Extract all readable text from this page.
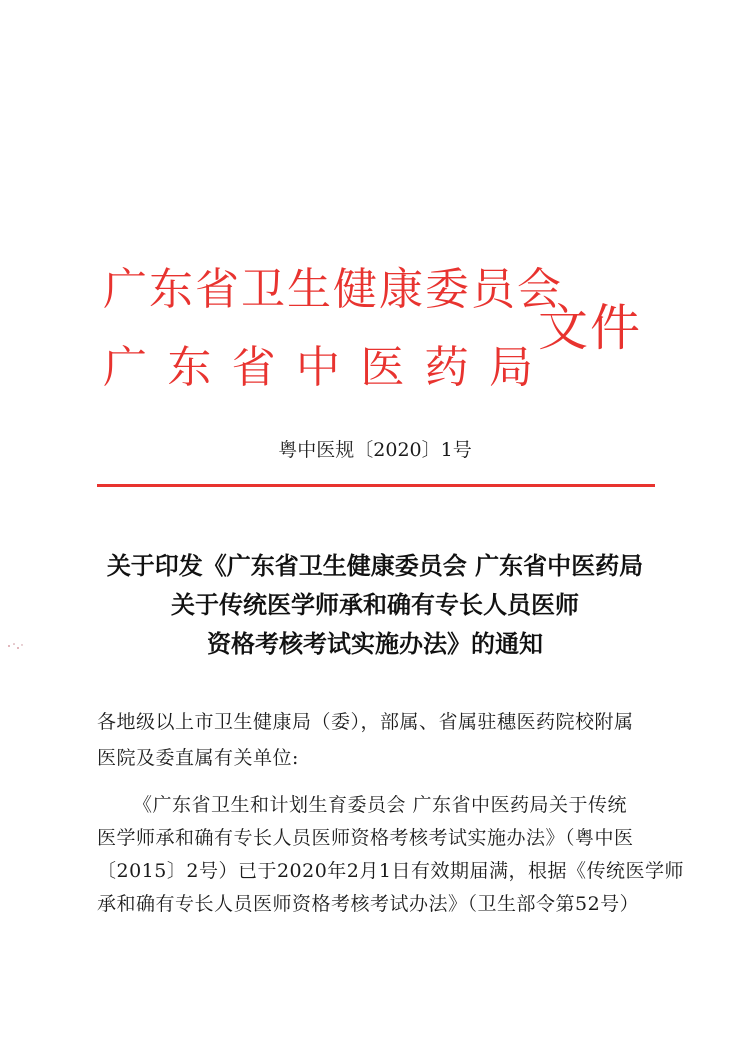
广东省卫生健康委员会
广 东 省 中 医 药 局
文件
粤中医规〔2020〕1号
关于印发《广东省卫生健康委员会 广东省中医药局
关于传统医学师承和确有专长人员医师
资格考核考试实施办法》的通知
各地级以上市卫生健康局（委），部属、省属驻穗医药院校附属
医院及委直属有关单位:
《广东省卫生和计划生育委员会 广东省中医药局关于传统
医学师承和确有专长人员医师资格考核考试实施办法》（粤中医
〔2015〕2号）已于2020年2月1日有效期届满，根据《传统医学师
承和确有专长人员医师资格考核考试办法》（卫生部令第52号）
